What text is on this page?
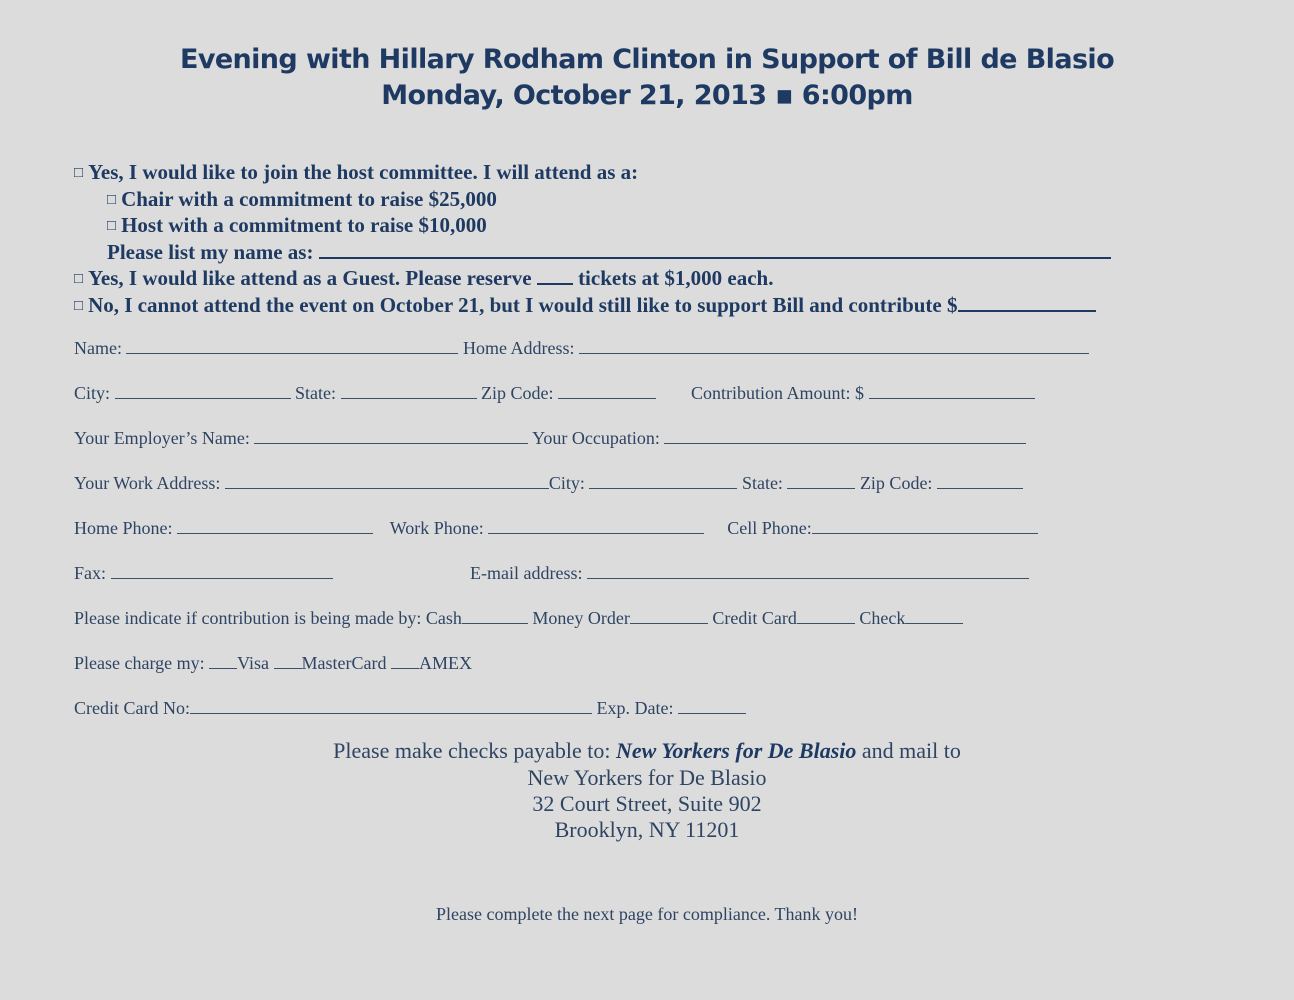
Evening with Hillary Rodham Clinton in Support of Bill de Blasio
Monday, October 21, 2013 ▪ 6:00pm
□ Yes, I would like to join the host committee. I will attend as a:
□ Chair with a commitment to raise $25,000
□ Host with a commitment to raise $10,000
Please list my name as:
□ Yes, I would like attend as a Guest. Please reserve tickets at $1,000 each.
□ No, I cannot attend the event on October 21, but I would still like to support Bill and contribute $
Name:	Home Address:
City:	State:	Zip Code:	Contribution Amount: $
Your Employer’s Name:	Your Occupation:
Your Work Address:	City:	State:	Zip Code:
Home Phone:	Work Phone:	Cell Phone:
Fax:	E-mail address:
Please indicate if contribution is being made by: Cash	Money Order	Credit Card	Check
Please charge my: Visa MasterCard AMEX
Credit Card No:	Exp. Date:
Please make checks payable to: New Yorkers for De Blasio and mail to
New Yorkers for De Blasio
32 Court Street, Suite 902
Brooklyn, NY 11201
Please complete the next page for compliance. Thank you!
